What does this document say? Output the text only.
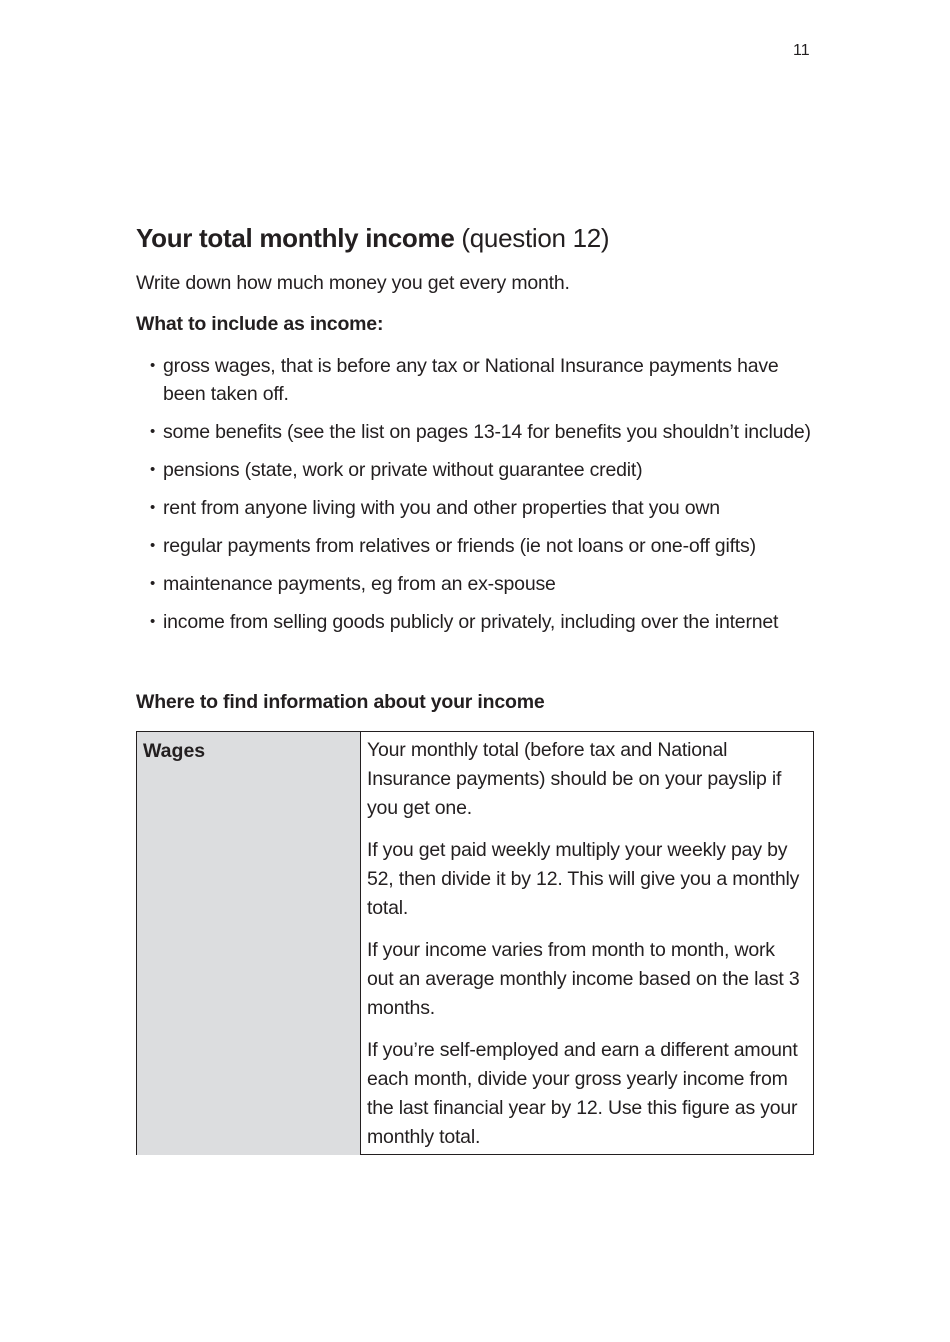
11
Your total monthly income (question 12)

Write down how much money you get every month.

What to include as income:

• gross wages, that is before any tax or National Insurance payments have been taken off.
• some benefits (see the list on pages 13-14 for benefits you shouldn’t include)
• pensions (state, work or private without guarantee credit)
• rent from anyone living with you and other properties that you own
• regular payments from relatives or friends (ie not loans or one-off gifts)
• maintenance payments, eg from an ex-spouse
• income from selling goods publicly or privately, including over the internet
Where to find information about your income
Wages	Your monthly total (before tax and National Insurance payments) should be on your payslip if you get one.

If you get paid weekly multiply your weekly pay by 52, then divide it by 12. This will give you a monthly total.

If your income varies from month to month, work out an average monthly income based on the last 3 months.

If you’re self-employed and earn a different amount each month, divide your gross yearly income from the last financial year by 12. Use this figure as your monthly total.
